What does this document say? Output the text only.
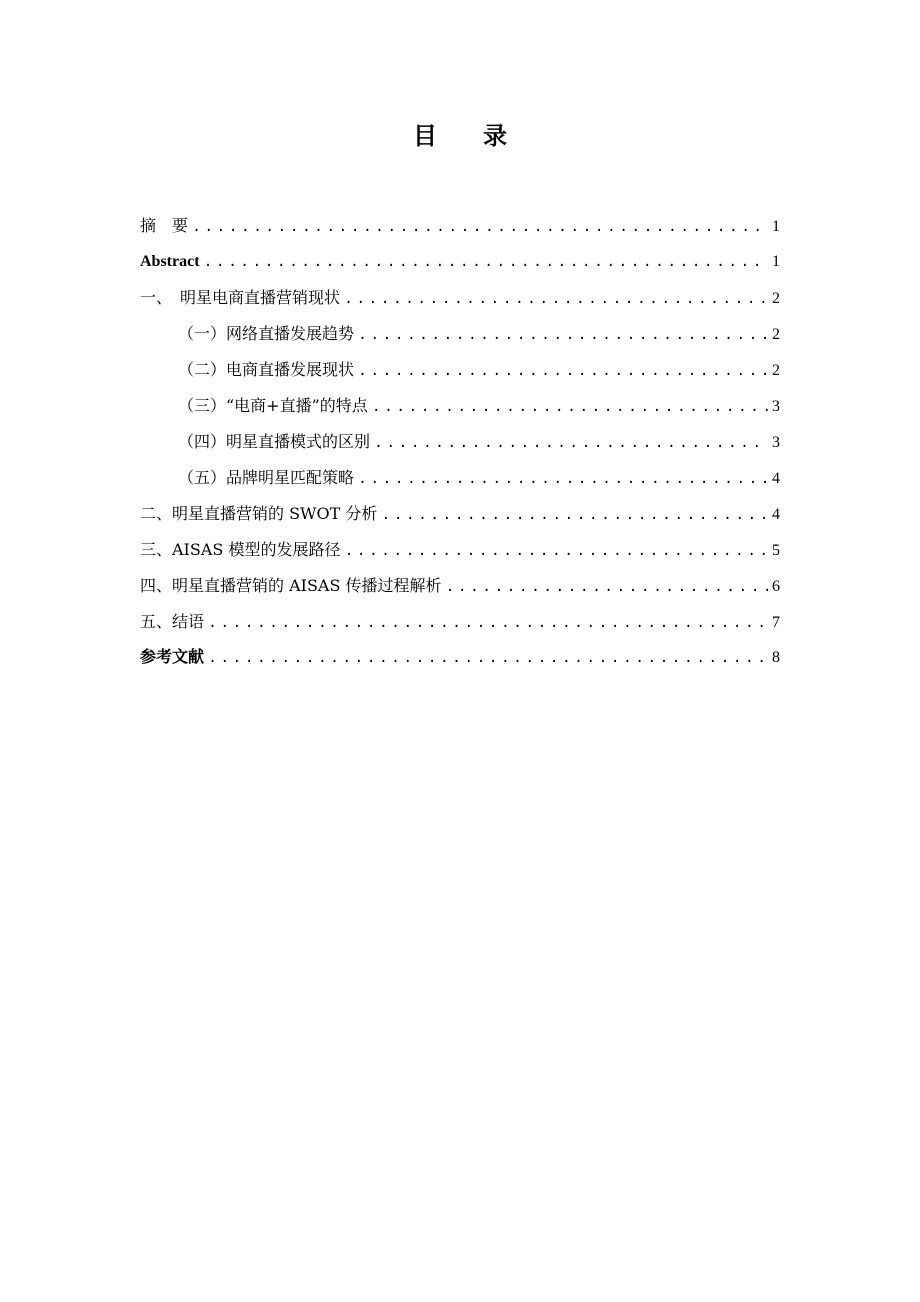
目 录
摘　要 .....	1
Abstract .....	1
一、　明星电商直播营销现状 .....	2
（一）网络直播发展趋势 .....	2
（二）电商直播发展现状 .....	2
（三）“电商+直播”的特点 .....	3
（四）明星直播模式的区别 .....	3
（五）品牌明星匹配策略 .....	4
二、明星直播营销的 SWOT 分析 .....	4
三、AISAS 模型的发展路径 .....	5
四、明星直播营销的 AISAS 传播过程解析 .....	6
五、结语 .....	7
参考文献 .....	8
